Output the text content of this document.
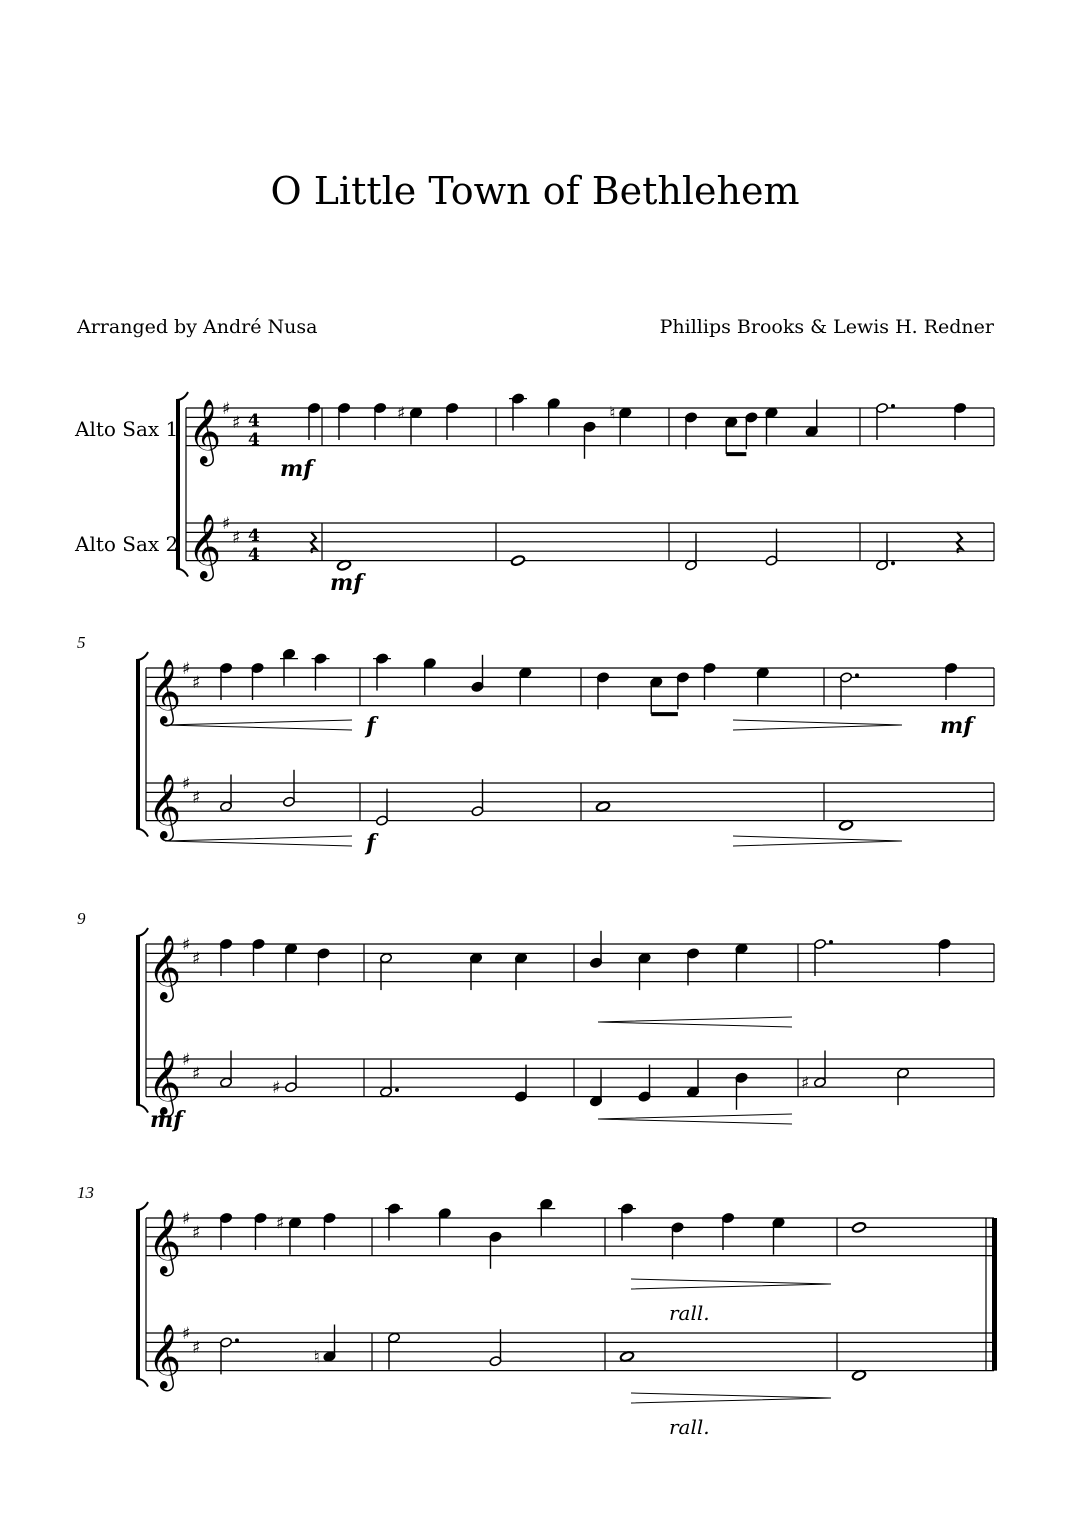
O Little Town of Bethlehem
Arranged by André Nusa	Phillips Brooks & Lewis H. Redner
Alto Sax 1
Alto Sax 2
𝄞 ♯
♯ 4
4
𝄞 ♯
♯ 4
4
♯	♮
𝄞 ♯
♯
𝄞 ♯
♯
5
𝄞 ♯
♯
𝄞 ♯
♯
9
♯	♯
𝄞 ♯
♯
𝄞 ♯
♯
13
♯
♮
mf
mf
f
f
mf
mf
rall.
rall.
